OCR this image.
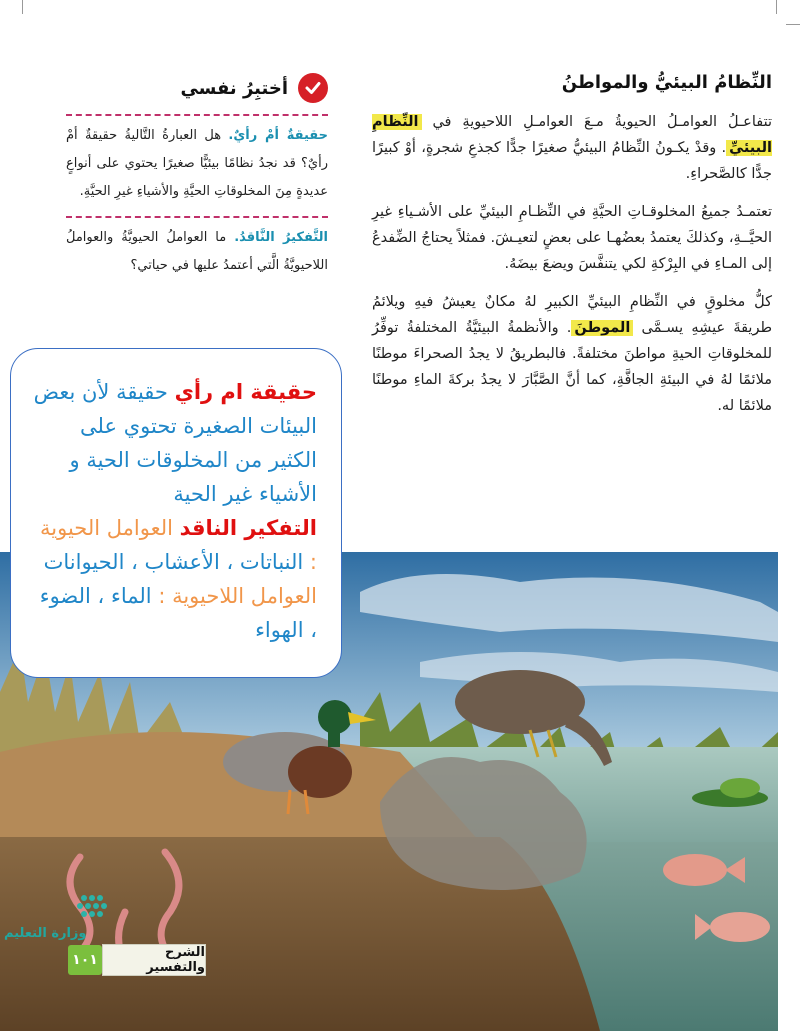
النِّظامُ البيئيُّ والمواطنُ

تتفاعـلُ العوامـلُ الحيويةُ مـعَ العوامـلِ اللاحيويةِ في النِّظامِ البيئيِّ. وقدْ يكـونُ النِّظامُ البيئيُّ صغيرًا جدًّا كجذعِ شجرةٍ، أوْ كبيرًا جدًّا كالصَّحراءِ.

تعتمـدُ جميعُ المخلوقـاتِ الحيَّةِ في النِّظـامِ البيئيِّ على الأشـياءِ غيرِ الحيَّــةِ، وكذلكَ يعتمدُ بعضُهـا على بعضٍ لتعيـشَ. فمثلاً يحتاجُ الضِّفدعُ إلى المـاءِ في البِرْكةِ لكي يتنفَّسَ ويضعَ بيضَهُ.

كلُّ مخلوقٍ في النِّظامِ البيئيِّ الكبيرِ لهُ مكانٌ يعيشُ فيهِ ويلائمُ طريقةَ عيشِهِ يسـمَّى الموطنَ. والأنظمةُ البيئيَّةُ المختلفةُ توفِّرُ للمخلوقاتِ الحيةِ مواطنَ مختلفةً. فالبطريقُ لا يجدُ الصحراءَ موطنًا ملائمًا لهُ في البيئةِ الجافَّةِ، كما أنَّ الصَّبَّارَ لا يجدُ بركةَ الماءِ موطنًا ملائمًا له.

أختبِرُ نفسي

حقيقةٌ أمْ رأيٌ. هل العبارةُ التَّاليةُ حقيقةٌ أمْ رأيٌ؟ قد نجدُ نظامًا بيئيًّا صغيرًا يحتوي على أنواعٍ عديدةٍ مِنَ المخلوقاتِ الحيَّةِ والأشياءِ غيرِ الحيَّةِ.

التَّفكيرُ النَّاقدُ. ما العواملُ الحيويَّةُ والعواملُ اللاحيويَّةُ الَّتي أعتمدُ عليها في حياتي؟

حقيقة ام رأي حقيقة لأن بعض البيئات الصغيرة تحتوي على الكثير من المخلوقات الحية و الأشياء غير الحية
التفكير الناقد العوامل الحيوية : النباتات ، الأعشاب ، الحيوانات
العوامل اللاحيوية : الماء ، الضوء ، الهواء
وزارة التعليم
١٠١	الشرح والتفسير
